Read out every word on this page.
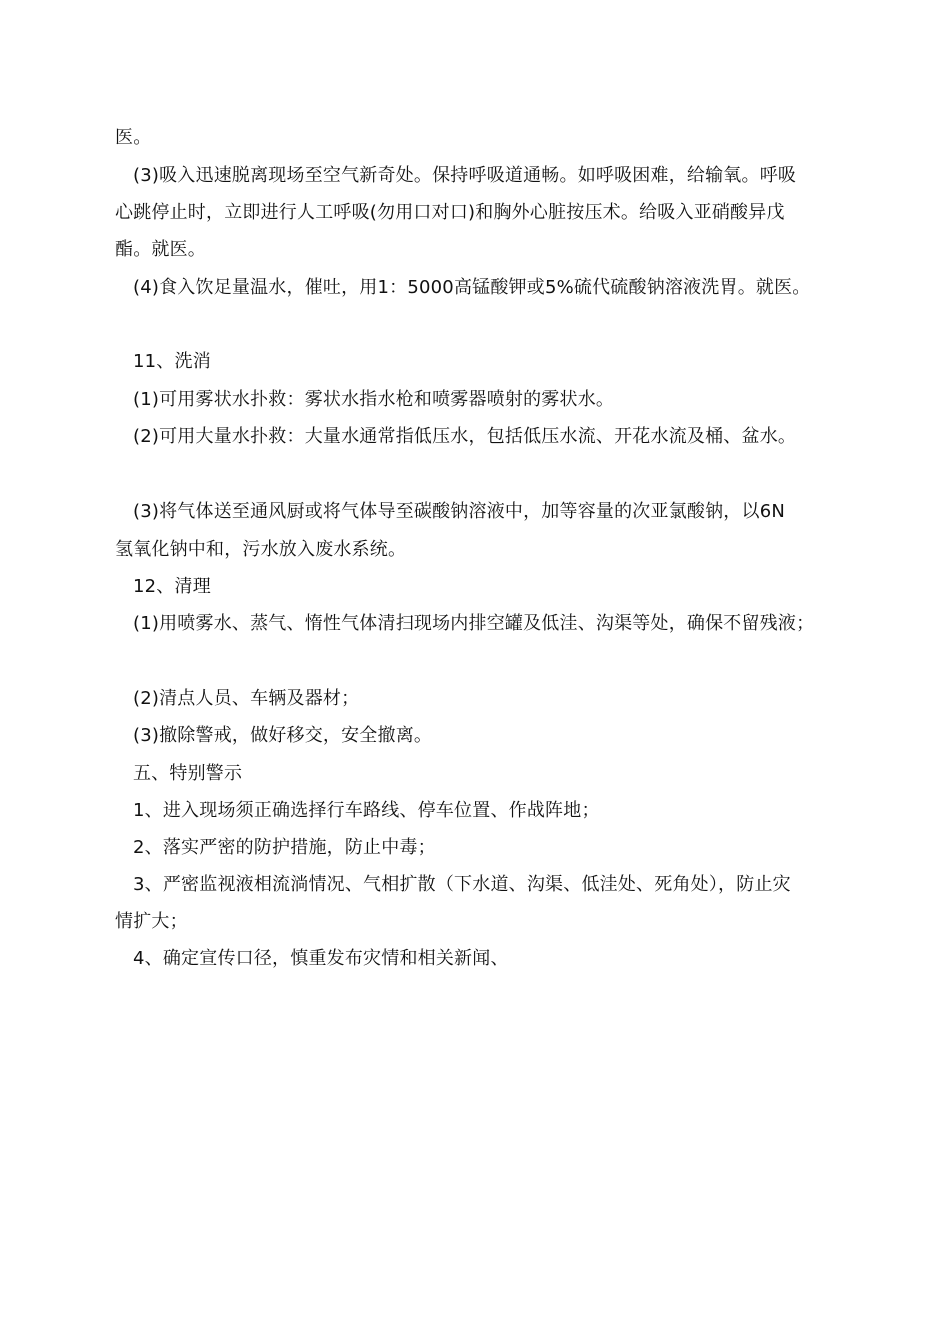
医。
(3)吸入迅速脱离现场至空气新奇处。保持呼吸道通畅。如呼吸困难，给输氧。呼吸
心跳停止时，立即进行人工呼吸(勿用口对口)和胸外心脏按压术。给吸入亚硝酸异戊
酯。就医。
(4)食入饮足量温水，催吐，用1：5000高锰酸钾或5%硫代硫酸钠溶液洗胃。就医。
11、洗消
(1)可用雾状水扑救：雾状水指水枪和喷雾器喷射的雾状水。
(2)可用大量水扑救：大量水通常指低压水，包括低压水流、开花水流及桶、盆水。
(3)将气体送至通风厨或将气体导至碳酸钠溶液中，加等容量的次亚氯酸钠，以6N
氢氧化钠中和，污水放入废水系统。
12、清理
(1)用喷雾水、蒸气、惰性气体清扫现场内排空罐及低洼、沟渠等处，确保不留残液；
(2)清点人员、车辆及器材；
(3)撤除警戒，做好移交，安全撤离。
五、特别警示
1、进入现场须正确选择行车路线、停车位置、作战阵地；
2、落实严密的防护措施，防止中毒；
3、严密监视液相流淌情况、气相扩散（下水道、沟渠、低洼处、死角处），防止灾
情扩大；
4、确定宣传口径，慎重发布灾情和相关新闻、
